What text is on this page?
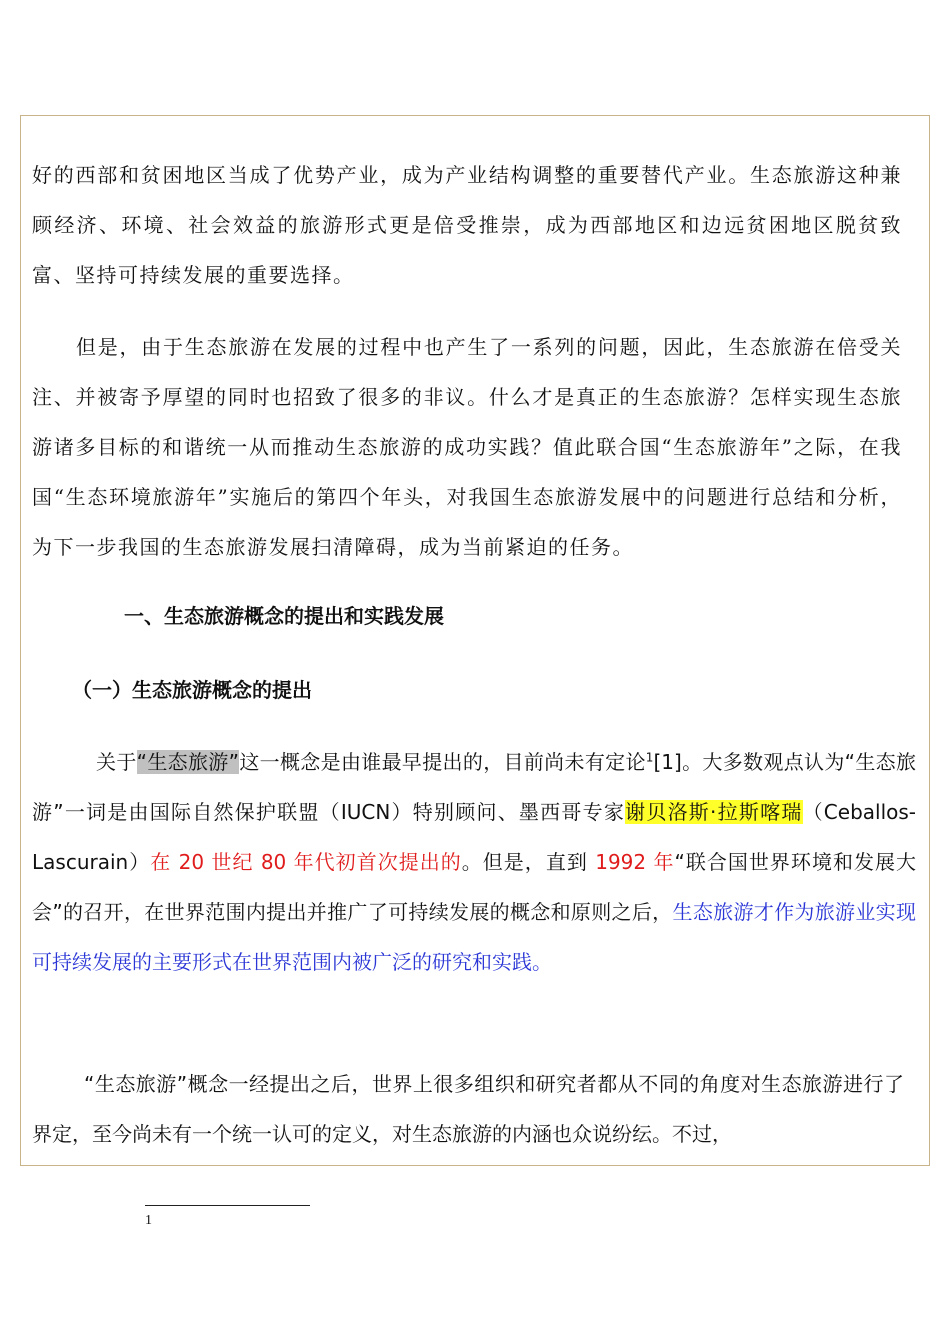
好的西部和贫困地区当成了优势产业，成为产业结构调整的重要替代产业。生态旅游这种兼顾经济、环境、社会效益的旅游形式更是倍受推崇，成为西部地区和边远贫困地区脱贫致富、坚持可持续发展的重要选择。

但是，由于生态旅游在发展的过程中也产生了一系列的问题，因此，生态旅游在倍受关注、并被寄予厚望的同时也招致了很多的非议。什么才是真正的生态旅游？怎样实现生态旅游诸多目标的和谐统一从而推动生态旅游的成功实践？值此联合国“生态旅游年”之际，在我国“生态环境旅游年”实施后的第四个年头，对我国生态旅游发展中的问题进行总结和分析，为下一步我国的生态旅游发展扫清障碍，成为当前紧迫的任务。

一、生态旅游概念的提出和实践发展
（一）生态旅游概念的提出

关于“生态旅游”这一概念是由谁最早提出的，目前尚未有定论$^1$[1]。大多数观点认为“生态旅游”一词是由国际自然保护联盟（IUCN）特别顾问、墨西哥专家谢贝洛斯·拉斯喀瑞（Ceballos-Lascurain）在 20 世纪 80 年代初首次提出的。但是，直到 1992 年“联合国世界环境和发展大会”的召开，在世界范围内提出并推广了可持续发展的概念和原则之后，生态旅游才作为旅游业实现可持续发展的主要形式在世界范围内被广泛的研究和实践。

“生态旅游”概念一经提出之后，世界上很多组织和研究者都从不同的角度对生态旅游进行了界定，至今尚未有一个统一认可的定义，对生态旅游的内涵也众说纷纭。不过，

1
